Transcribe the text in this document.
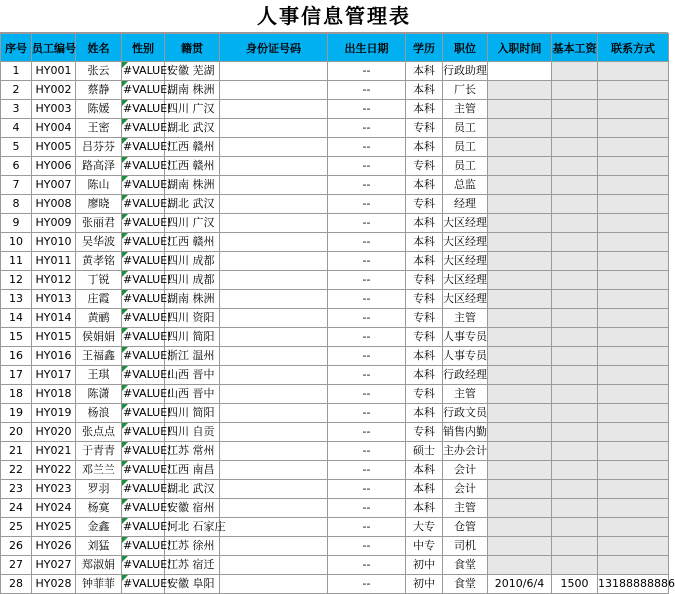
人事信息管理表
序号	员工编号	姓名	性别	籍贯	身份证号码	出生日期	学历	职位	入职时间	基本工资	联系方式
1	HY001	张云	#VALUE!	安徽 芜湖		--	本科	行政助理			
2	HY002	蔡静	#VALUE!	湖南 株洲		--	本科	厂长			
3	HY003	陈媛	#VALUE!	四川 广汉		--	本科	主管			
4	HY004	王密	#VALUE!	湖北 武汉		--	专科	员工			
5	HY005	吕芬芬	#VALUE!	江西 赣州		--	本科	员工			
6	HY006	路高泽	#VALUE!	江西 赣州		--	专科	员工			
7	HY007	陈山	#VALUE!	湖南 株洲		--	本科	总监			
8	HY008	廖晓	#VALUE!	湖北 武汉		--	专科	经理			
9	HY009	张丽君	#VALUE!	四川 广汉		--	本科	大区经理			
10	HY010	吴华波	#VALUE!	江西 赣州		--	本科	大区经理			
11	HY011	黄孝铭	#VALUE!	四川 成都		--	本科	大区经理			
12	HY012	丁锐	#VALUE!	四川 成都		--	专科	大区经理			
13	HY013	庄霞	#VALUE!	湖南 株洲		--	专科	大区经理			
14	HY014	黄鹂	#VALUE!	四川 资阳		--	专科	主管			
15	HY015	侯娟娟	#VALUE!	四川 简阳		--	专科	人事专员			
16	HY016	王福鑫	#VALUE!	浙江 温州		--	本科	人事专员			
17	HY017	王琪	#VALUE!	山西 晋中		--	本科	行政经理			
18	HY018	陈潇	#VALUE!	山西 晋中		--	专科	主管			
19	HY019	杨浪	#VALUE!	四川 简阳		--	本科	行政文员			
20	HY020	张点点	#VALUE!	四川 自贡		--	专科	销售内勤			
21	HY021	于青青	#VALUE!	江苏 常州		--	硕士	主办会计			
22	HY022	邓兰兰	#VALUE!	江西 南昌		--	本科	会计			
23	HY023	罗羽	#VALUE!	湖北 武汉		--	本科	会计			
24	HY024	杨寞	#VALUE!	安徽 宿州		--	本科	主管			
25	HY025	金鑫	#VALUE!	河北 石家庄		--	大专	仓管			
26	HY026	刘猛	#VALUE!	江苏 徐州		--	中专	司机			
27	HY027	郑淑娟	#VALUE!	江苏 宿迁		--	初中	食堂			
28	HY028	钟菲菲	#VALUE!	安徽 阜阳		--	初中	食堂	2010/6/4	1500	13188888886
